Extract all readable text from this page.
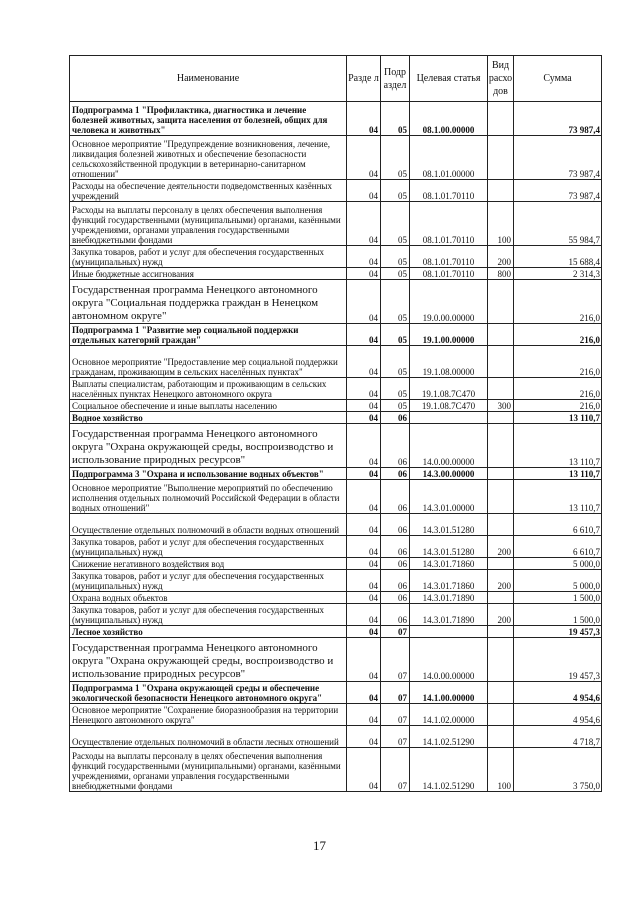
Наименование	Разде л	Подр аздел	Целевая статья	Вид расхо дов	Сумма
Подпрограмма 1 "Профилактика, диагностика и лечение болезней животных, защита населения от болезней, общих для человека и животных"	04	05	08.1.00.00000		73 987,4
Основное мероприятие "Предупреждение возникновения, лечение, ликвидация болезней животных и обеспечение безопасности сельскохозяйственной продукции в ветеринарно-санитарном отношении"	04	05	08.1.01.00000		73 987,4
Расходы на обеспечение деятельности подведомственных казённых учреждений	04	05	08.1.01.70110		73 987,4
Расходы на выплаты персоналу в целях обеспечения выполнения функций государственными (муниципальными) органами, казёнными учреждениями, органами управления государственными внебюджетными фондами	04	05	08.1.01.70110	100	55 984,7
Закупка товаров, работ и услуг для обеспечения государственных (муниципальных) нужд	04	05	08.1.01.70110	200	15 688,4
Иные бюджетные ассигнования	04	05	08.1.01.70110	800	2 314,3
Государственная программа Ненецкого автономного округа "Социальная поддержка граждан в Ненецком автономном округе"	04	05	19.0.00.00000		216,0
Подпрограмма 1 "Развитие мер социальной поддержки отдельных категорий граждан"	04	05	19.1.00.00000		216,0
Основное мероприятие "Предоставление мер социальной поддержки гражданам, проживающим в сельских населённых пунктах"	04	05	19.1.08.00000		216,0
Выплаты специалистам, работающим и проживающим в сельских населённых пунктах Ненецкого автономного округа	04	05	19.1.08.7С470		216,0
Социальное обеспечение и иные выплаты населению	04	05	19.1.08.7С470	300	216,0
Водное хозяйство	04	06			13 110,7
Государственная программа Ненецкого автономного округа "Охрана окружающей среды, воспроизводство и использование природных ресурсов"	04	06	14.0.00.00000		13 110,7
Подпрограмма 3 "Охрана и использование водных объектов"	04	06	14.3.00.00000		13 110,7
Основное мероприятие "Выполнение мероприятий по обеспечению исполнения отдельных полномочий Российской Федерации в области водных отношений"	04	06	14.3.01.00000		13 110,7
Осуществление отдельных полномочий в области водных отношений	04	06	14.3.01.51280		6 610,7
Закупка товаров, работ и услуг для обеспечения государственных (муниципальных) нужд	04	06	14.3.01.51280	200	6 610,7
Снижение негативного воздействия вод	04	06	14.3.01.71860		5 000,0
Закупка товаров, работ и услуг для обеспечения государственных (муниципальных) нужд	04	06	14.3.01.71860	200	5 000,0
Охрана водных объектов	04	06	14.3.01.71890		1 500,0
Закупка товаров, работ и услуг для обеспечения государственных (муниципальных) нужд	04	06	14.3.01.71890	200	1 500,0
Лесное хозяйство	04	07			19 457,3
Государственная программа Ненецкого автономного округа "Охрана окружающей среды, воспроизводство и использование природных ресурсов"	04	07	14.0.00.00000		19 457,3
Подпрограмма 1 "Охрана окружающей среды и обеспечение экологической безопасности Ненецкого автономного округа"	04	07	14.1.00.00000		4 954,6
Основное мероприятие "Сохранение биоразнообразия на территории Ненецкого автономного округа"	04	07	14.1.02.00000		4 954,6
Осуществление отдельных полномочий в области лесных отношений	04	07	14.1.02.51290		4 718,7
Расходы на выплаты персоналу в целях обеспечения выполнения функций государственными (муниципальными) органами, казёнными учреждениями, органами управления государственными внебюджетными фондами	04	07	14.1.02.51290	100	3 750,0
17
